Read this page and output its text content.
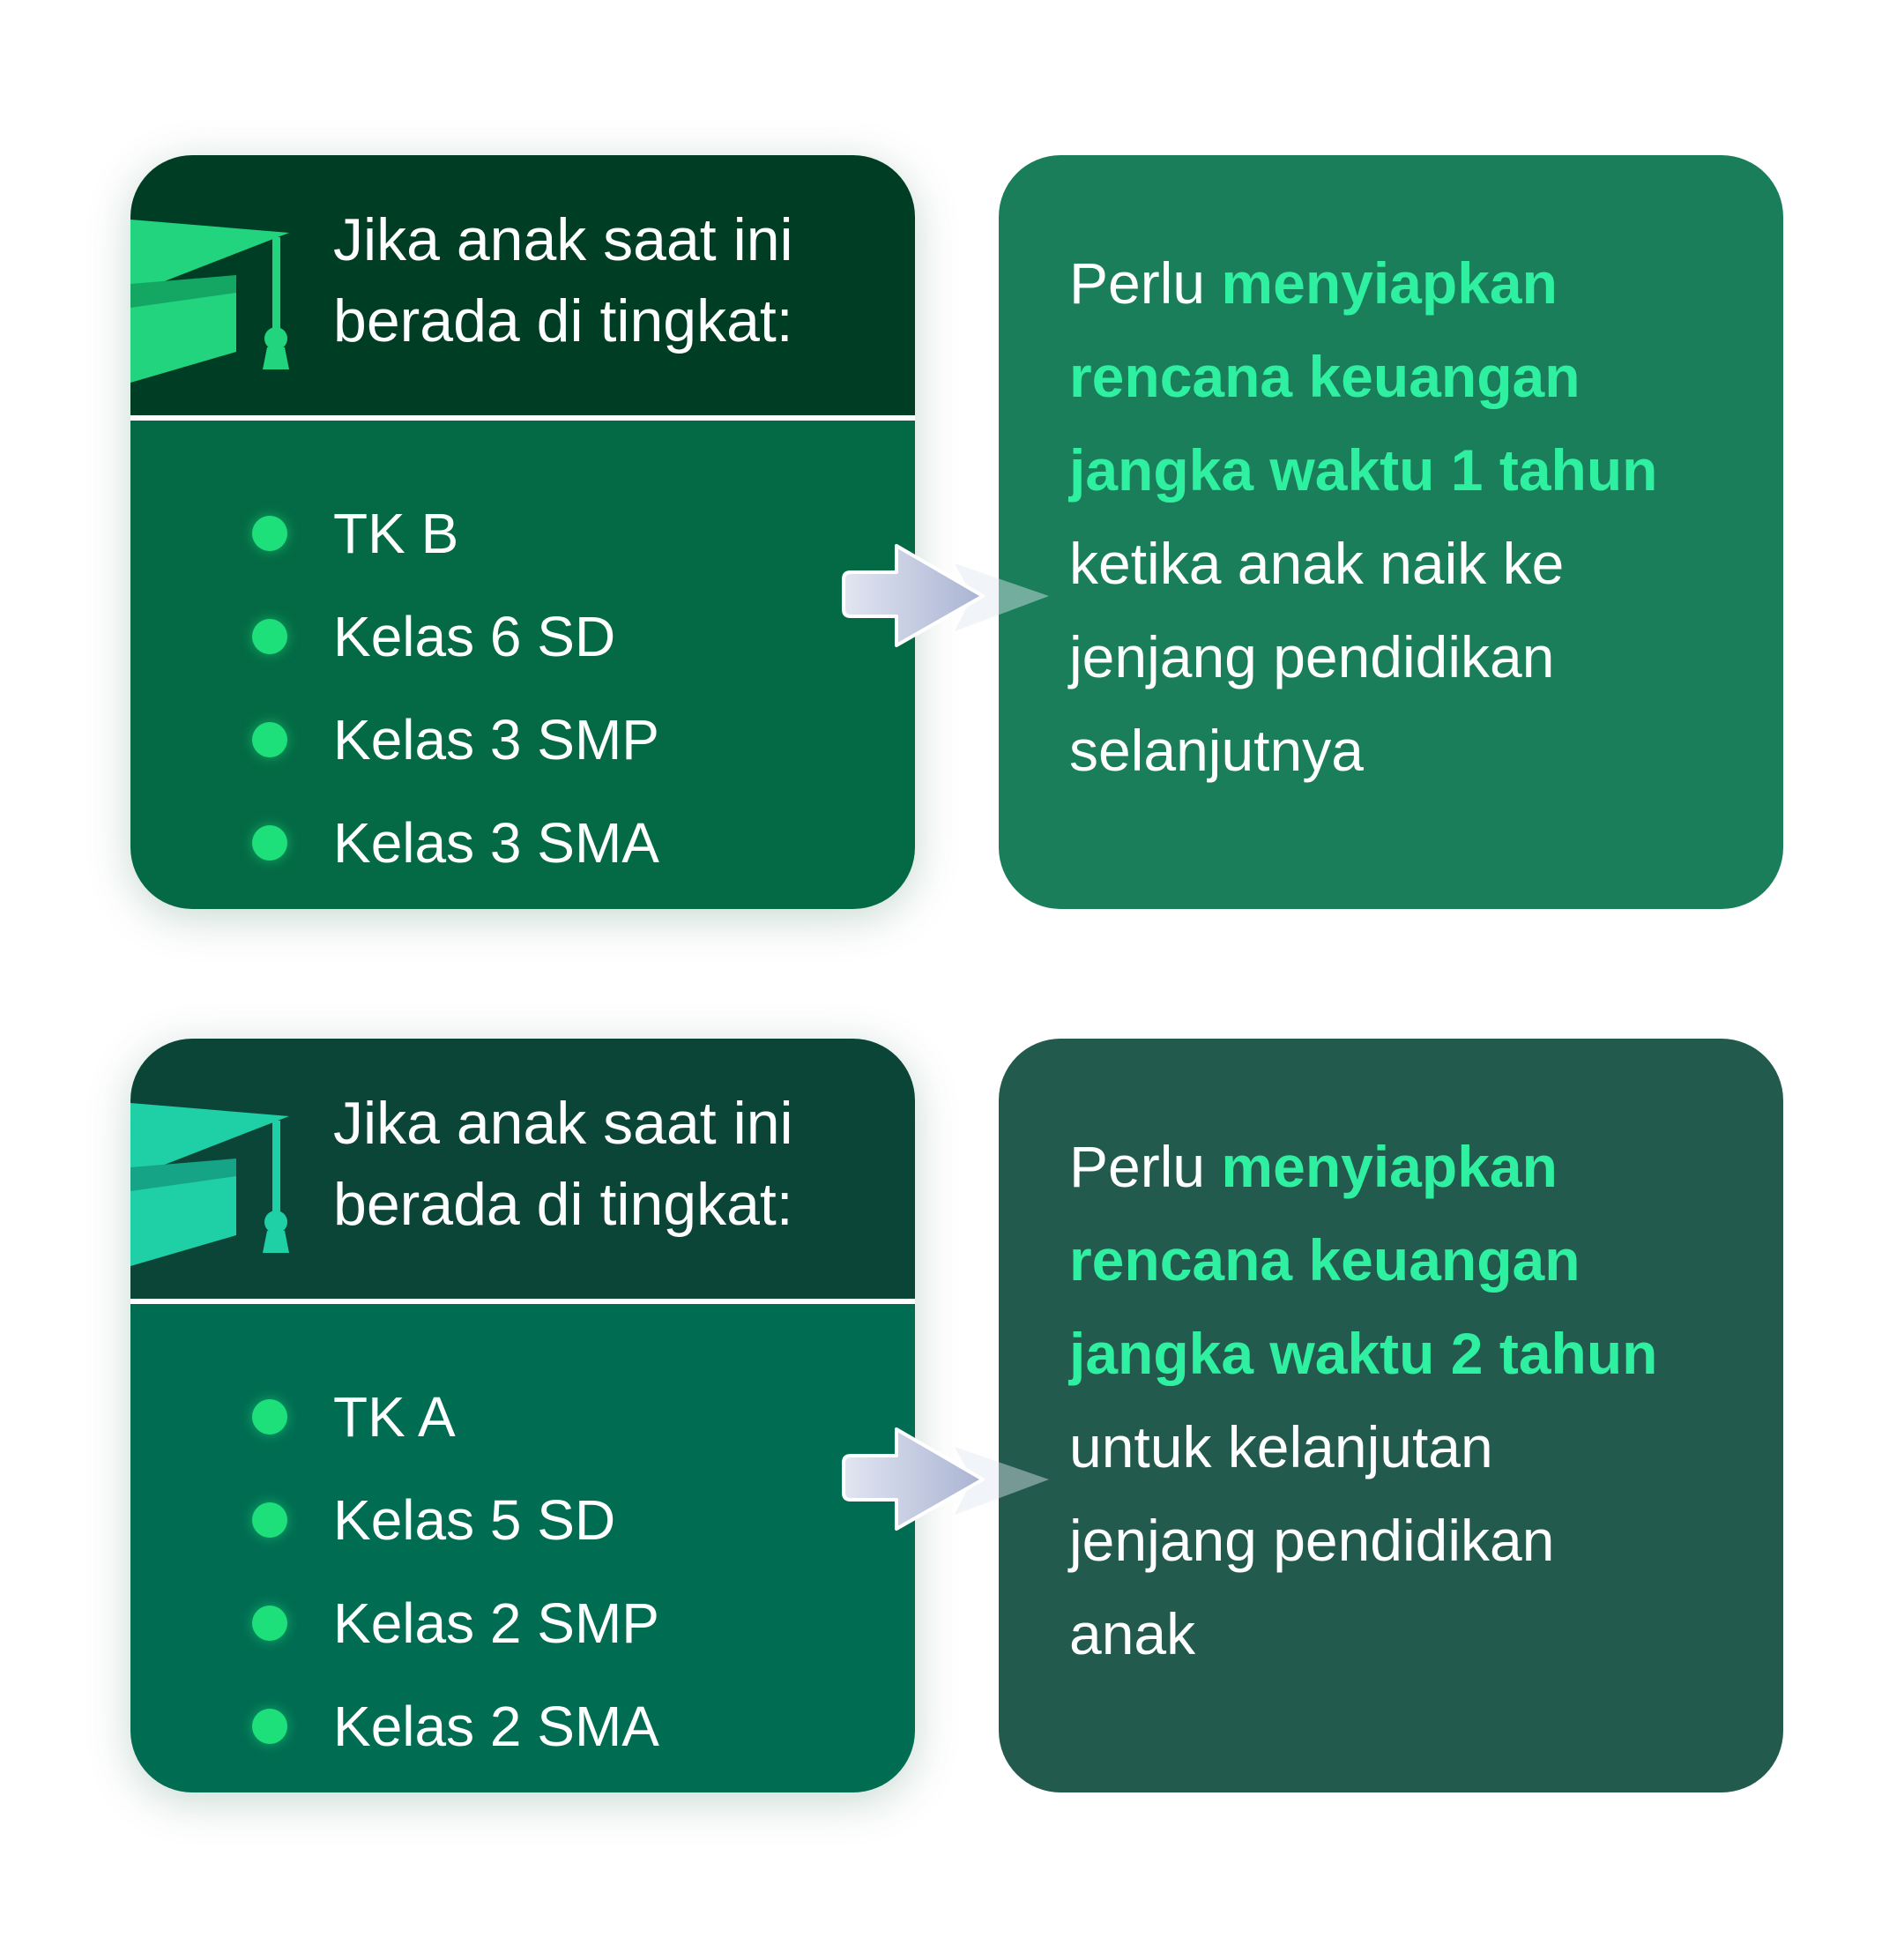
Jika anak saat ini
berada di tingkat:
TK B
Kelas 6 SD
Kelas 3 SMP
Kelas 3 SMA
Perlu menyiapkan
rencana keuangan
jangka waktu 1 tahun
ketika anak naik ke
jenjang pendidikan
selanjutnya
Jika anak saat ini
berada di tingkat:
TK A
Kelas 5 SD
Kelas 2 SMP
Kelas 2 SMA
Perlu menyiapkan
rencana keuangan
jangka waktu 2 tahun
untuk kelanjutan
jenjang pendidikan
anak
